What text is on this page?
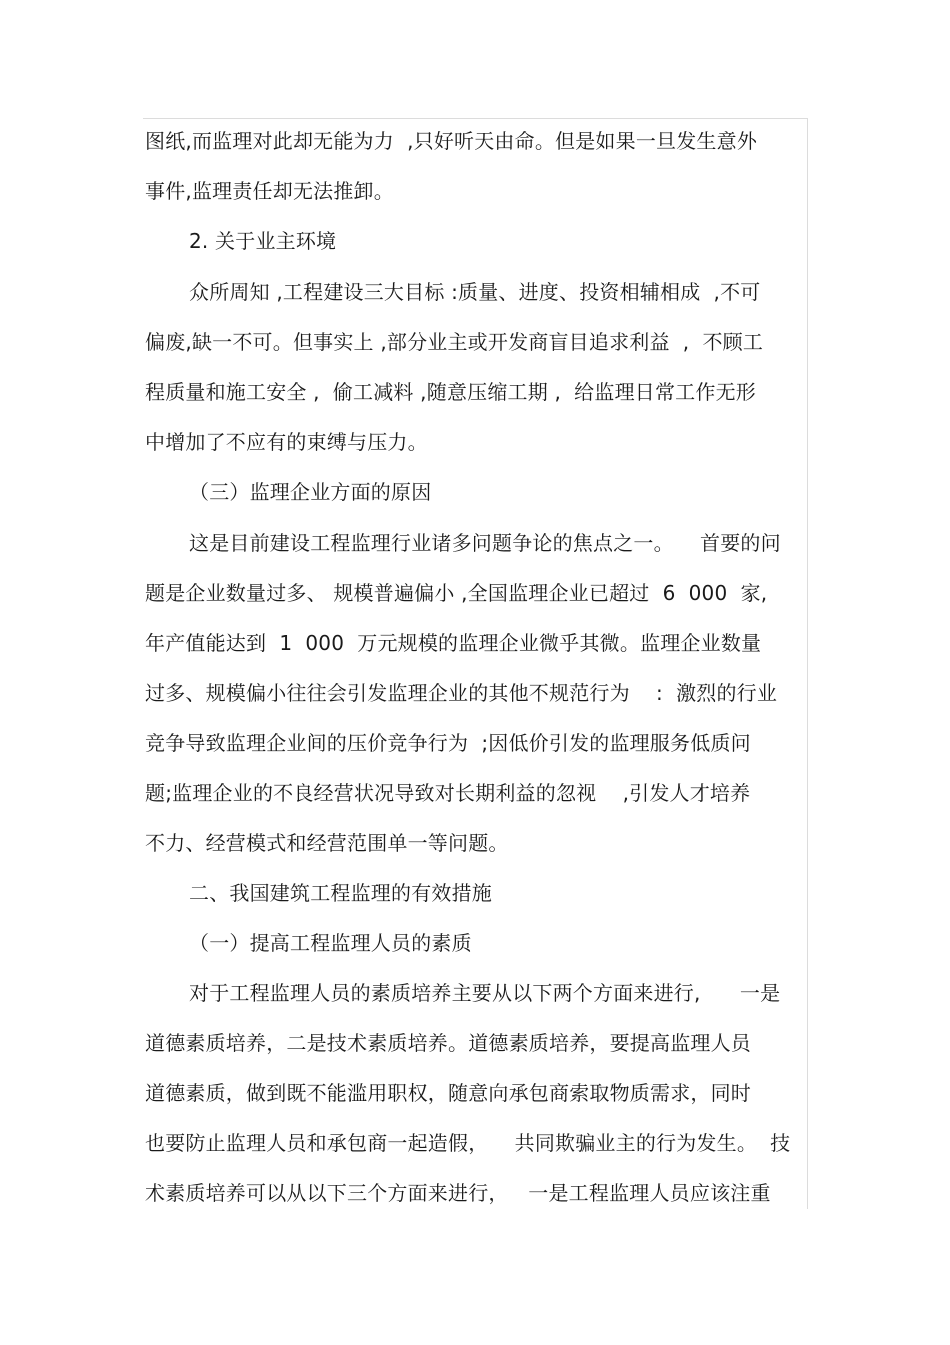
图纸,而监理对此却无能为力  ,只好听天由命。但是如果一旦发生意外
事件,监理责任却无法推卸。
2. 关于业主环境
众所周知 ,工程建设三大目标 :质量、进度、投资相辅相成  ,不可
偏废,缺一不可。但事实上 ,部分业主或开发商盲目追求利益  ,  不顾工
程质量和施工安全 ,  偷工减料 ,随意压缩工期 ,  给监理日常工作无形
中增加了不应有的束缚与压力。
（三）监理企业方面的原因
这是目前建设工程监理行业诸多问题争论的焦点之一。    首要的问
题是企业数量过多、 规模普遍偏小 ,全国监理企业已超过  6  000  家,
年产值能达到  1  000  万元规模的监理企业微乎其微。监理企业数量
过多、规模偏小往往会引发监理企业的其他不规范行为    :  激烈的行业
竞争导致监理企业间的压价竞争行为  ;因低价引发的监理服务低质问
题;监理企业的不良经营状况导致对长期利益的忽视    ,引发人才培养
不力、经营模式和经营范围单一等问题。
二、我国建筑工程监理的有效措施
（一）提高工程监理人员的素质
对于工程监理人员的素质培养主要从以下两个方面来进行,      一是
道德素质培养，二是技术素质培养。道德素质培养，要提高监理人员
道德素质，做到既不能滥用职权，随意向承包商索取物质需求，同时
也要防止监理人员和承包商一起造假，    共同欺骗业主的行为发生。  技
术素质培养可以从以下三个方面来进行，   一是工程监理人员应该注重
